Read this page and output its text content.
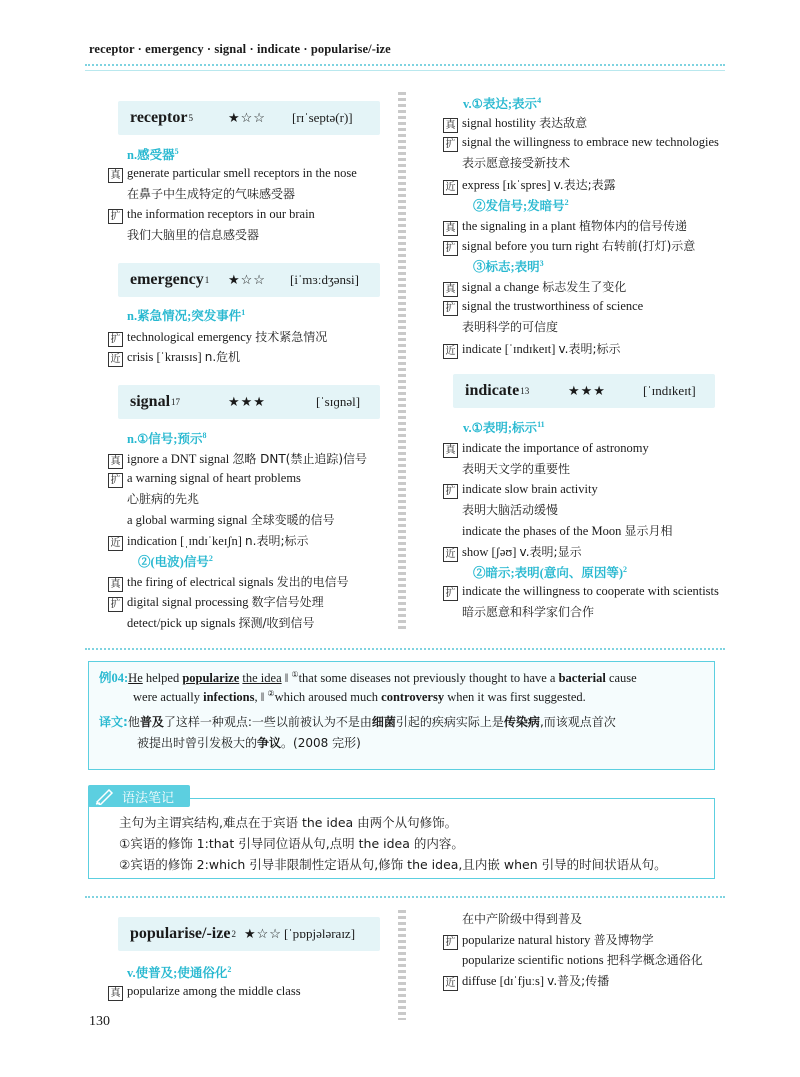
receptor · emergency · signal · indicate · popularise/-ize
receptor 5	★☆☆ [rɪˈseptə(r)]
n.感受器$^5$
真 generate particular smell receptors in the nose
在鼻子中生成特定的气味感受器
扩 the information receptors in our brain
我们大脑里的信息感受器
emergency 1 ★☆☆ [iˈmɜːdʒənsi]
n.紧急情况;突发事件$^1$
扩 technological emergency 技术紧急情况
近 crisis [ˈkraɪsɪs] n.危机
signal 17	★★★	[ˈsɪɡnəl]
n.①信号;预示$^8$
真 ignore a DNT signal 忽略 DNT(禁止追踪)信号
扩 a warning signal of heart problems
心脏病的先兆
a global warming signal 全球变暖的信号
近 indication [ˌɪndɪˈkeɪʃn] n.表明;标示
②(电波)信号$^2$
真 the firing of electrical signals 发出的电信号
扩 digital signal processing 数字信号处理
detect/pick up signals 探测/收到信号
v.①表达;表示$^4$
真 signal hostility 表达敌意
扩 signal the willingness to embrace new technologies
表示愿意接受新技术
近 express [ɪkˈspres] v.表达;表露
②发信号;发暗号$^2$
真 the signaling in a plant 植物体内的信号传递
扩 signal before you turn right 右转前(打灯)示意
③标志;表明$^3$
真 signal a change 标志发生了变化
扩 signal the trustworthiness of science
表明科学的可信度
近 indicate [ˈɪndɪkeɪt] v.表明;标示
indicate 13	★★★	[ˈɪndɪkeɪt]
v.①表明;标示$^{11}$
真 indicate the importance of astronomy
表明天文学的重要性
扩 indicate slow brain activity
表明大脑活动缓慢
indicate the phases of the Moon 显示月相
近 show [ʃəʊ] v.表明;显示
②暗示;表明(意向、原因等)$^2$
扩 indicate the willingness to cooperate with scientists
暗示愿意和科学家们合作
例04:He helped popularize the idea ‖ ①that some diseases not previously thought to have a bacterial cause
were actually infections, ‖ ②which aroused much controversy when it was first suggested.
译文:他普及了这样一种观点:一些以前被认为不是由细菌引起的疾病实际上是传染病,而该观点首次
被提出时曾引发极大的争议。(2008 完形)
主句为主谓宾结构,难点在于宾语 the idea 由两个从句修饰。
①宾语的修饰 1:that 引导同位语从句,点明 the idea 的内容。
②宾语的修饰 2:which 引导非限制性定语从句,修饰 the idea,且内嵌 when 引导的时间状语从句。
语法笔记
popularise/-ize 2 ★☆☆ [ˈpɒpjələraɪz]
v.使普及;使通俗化$^2$
真 popularize among the middle class
在中产阶级中得到普及
扩 popularize natural history 普及博物学
popularize scientific notions 把科学概念通俗化
近 diffuse [dɪˈfjuːs] v.普及;传播
130
